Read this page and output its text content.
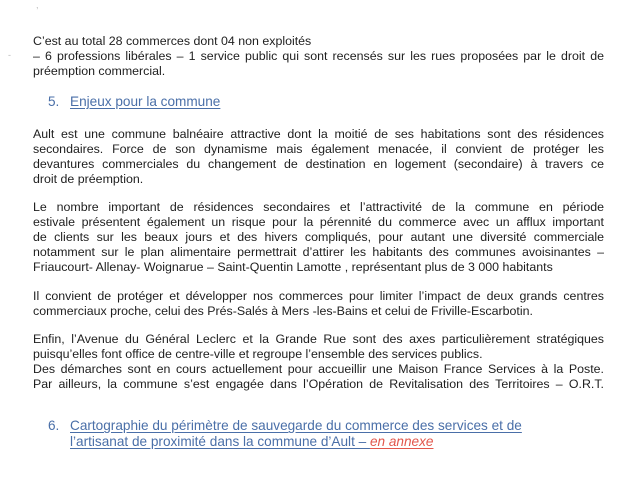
,
-
C’est au total 28 commerces dont 04 non exploités
– 6 professions libérales – 1 service public qui sont recensés sur les rues proposées par le droit de
préemption commercial.
5. Enjeux pour la commune
Ault est une commune balnéaire attractive dont la moitié de ses habitations sont des résidences
secondaires. Force de son dynamisme mais également menacée, il convient de protéger les
devantures commerciales du changement de destination en logement (secondaire) à travers ce
droit de préemption.
Le nombre important de résidences secondaires et l’attractivité de la commune en période
estivale présentent également un risque pour la pérennité du commerce avec un afflux important
de clients sur les beaux jours et des hivers compliqués, pour autant une diversité commerciale
notamment sur le plan alimentaire permettrait d’attirer les habitants des communes avoisinantes –
Friaucourt- Allenay- Woignarue – Saint-Quentin Lamotte , représentant plus de 3 000 habitants
Il convient de protéger et développer nos commerces pour limiter l’impact de deux grands centres
commerciaux proche, celui des Prés-Salés à Mers -les-Bains et celui de Friville-Escarbotin.
Enfin, l’Avenue du Général Leclerc et la Grande Rue sont des axes particulièrement stratégiques
puisqu’elles font office de centre-ville et regroupe l’ensemble des services publics.
Des démarches sont en cours actuellement pour accueillir une Maison France Services à la Poste.
Par ailleurs, la commune s’est engagée dans l’Opération de Revitalisation des Territoires – O.R.T.
6. Cartographie du périmètre de sauvegarde du commerce des services et de
l’artisanat de proximité dans la commune d’Ault – en annexe
